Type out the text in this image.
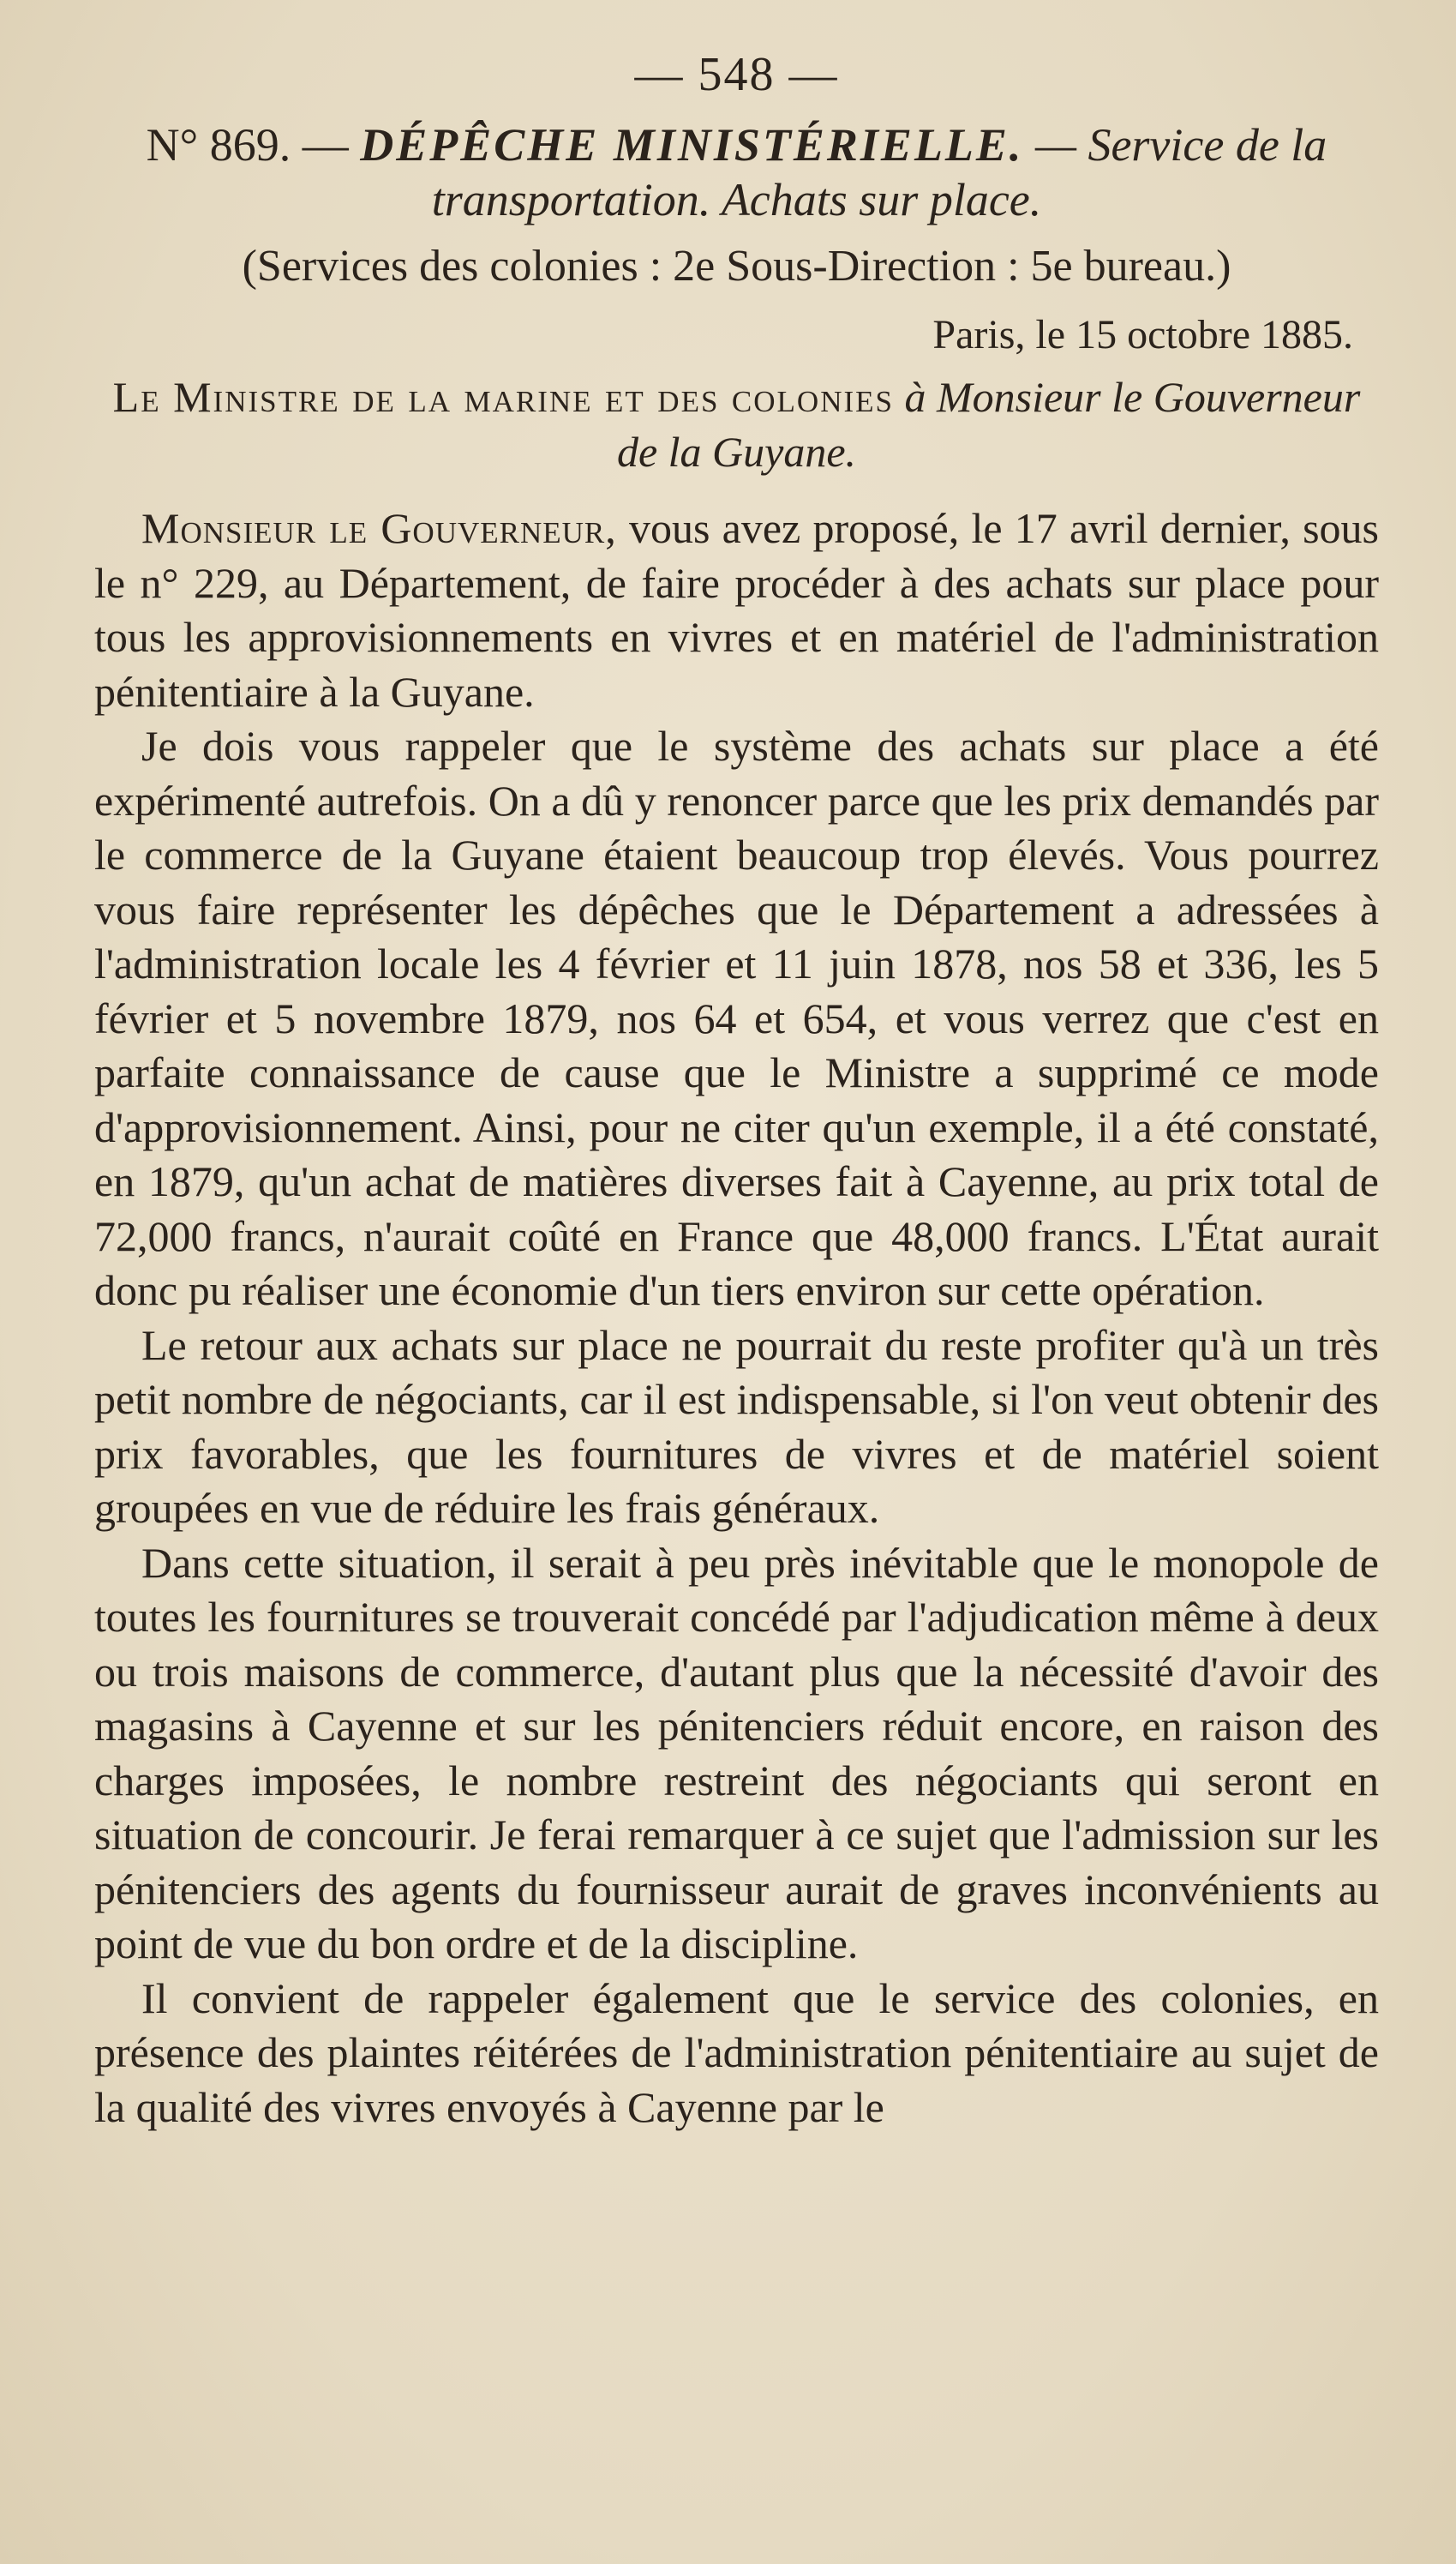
— 548 —
N° 869. — DÉPÊCHE MINISTÉRIELLE. — Service de la transportation. Achats sur place.
(Services des colonies : 2e Sous-Direction : 5e bureau.)
Paris, le 15 octobre 1885.
Le Ministre de la marine et des colonies à Monsieur le Gouverneur de la Guyane.

Monsieur le Gouverneur, vous avez proposé, le 17 avril dernier, sous le n° 229, au Département, de faire procéder à des achats sur place pour tous les approvisionnements en vivres et en matériel de l'administration pénitentiaire à la Guyane.

Je dois vous rappeler que le système des achats sur place a été expérimenté autrefois. On a dû y renoncer parce que les prix demandés par le commerce de la Guyane étaient beaucoup trop élevés. Vous pourrez vous faire représenter les dépêches que le Département a adressées à l'administration locale les 4 février et 11 juin 1878, nos 58 et 336, les 5 février et 5 novembre 1879, nos 64 et 654, et vous verrez que c'est en parfaite connaissance de cause que le Ministre a supprimé ce mode d'approvisionnement. Ainsi, pour ne citer qu'un exemple, il a été constaté, en 1879, qu'un achat de matières diverses fait à Cayenne, au prix total de 72,000 francs, n'aurait coûté en France que 48,000 francs. L'État aurait donc pu réaliser une économie d'un tiers environ sur cette opération.

Le retour aux achats sur place ne pourrait du reste profiter qu'à un très petit nombre de négociants, car il est indispensable, si l'on veut obtenir des prix favorables, que les fournitures de vivres et de matériel soient groupées en vue de réduire les frais généraux.

Dans cette situation, il serait à peu près inévitable que le monopole de toutes les fournitures se trouverait concédé par l'adjudication même à deux ou trois maisons de commerce, d'autant plus que la nécessité d'avoir des magasins à Cayenne et sur les pénitenciers réduit encore, en raison des charges imposées, le nombre restreint des négociants qui seront en situation de concourir. Je ferai remarquer à ce sujet que l'admission sur les pénitenciers des agents du fournisseur aurait de graves inconvénients au point de vue du bon ordre et de la discipline.

Il convient de rappeler également que le service des colonies, en présence des plaintes réitérées de l'administration pénitentiaire au sujet de la qualité des vivres envoyés à Cayenne par le
